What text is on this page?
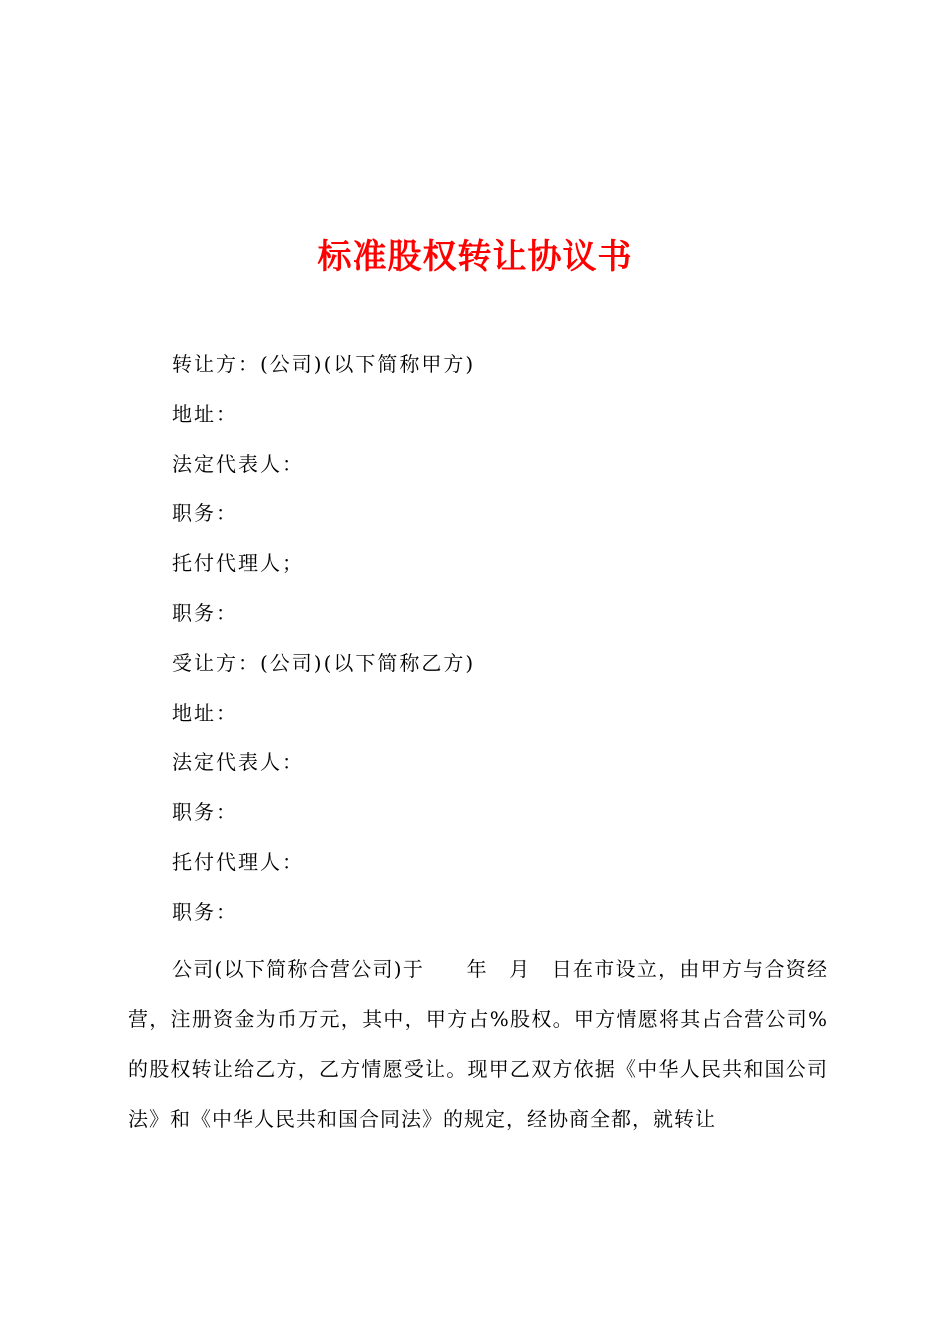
标准股权转让协议书
转让方：(公司)(以下简称甲方)
地址：
法定代表人：
职务：
托付代理人；
职务：
受让方：(公司)(以下简称乙方)
地址：
法定代表人：
职务：
托付代理人：
职务：

公司(以下简称合营公司)于　　年　月　日在市设立，由甲方与合资经营，注册资金为币万元，其中，甲方占%股权。甲方情愿将其占合营公司%的股权转让给乙方，乙方情愿受让。现甲乙双方依据《中华人民共和国公司法》和《中华人民共和国合同法》的规定，经协商全都，就转让
